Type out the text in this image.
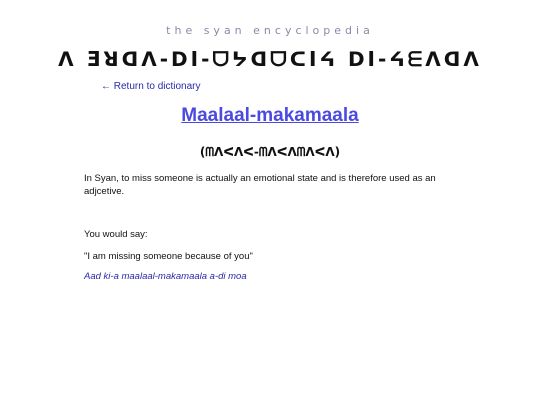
the syan encyclopedia

ᐱ Ǝꓤᗡᐱ-ᗞI-ᗜᔭᗡᗜᑕIᔦ ᗞI-ᔦᗴᐱᗡᐱ
← Return to dictionary
Maalaal-makamaala

(ᗰᐱᐸᐱᐸ-ᗰᐱᐸᐱᗰᐱᐸᐱ)

In Syan, to miss someone is actually an emotional state and is therefore used as an adjcetive.

You would say:

"I am missing someone because of you"

Aad ki-a maalaal-makamaala a-di moa
